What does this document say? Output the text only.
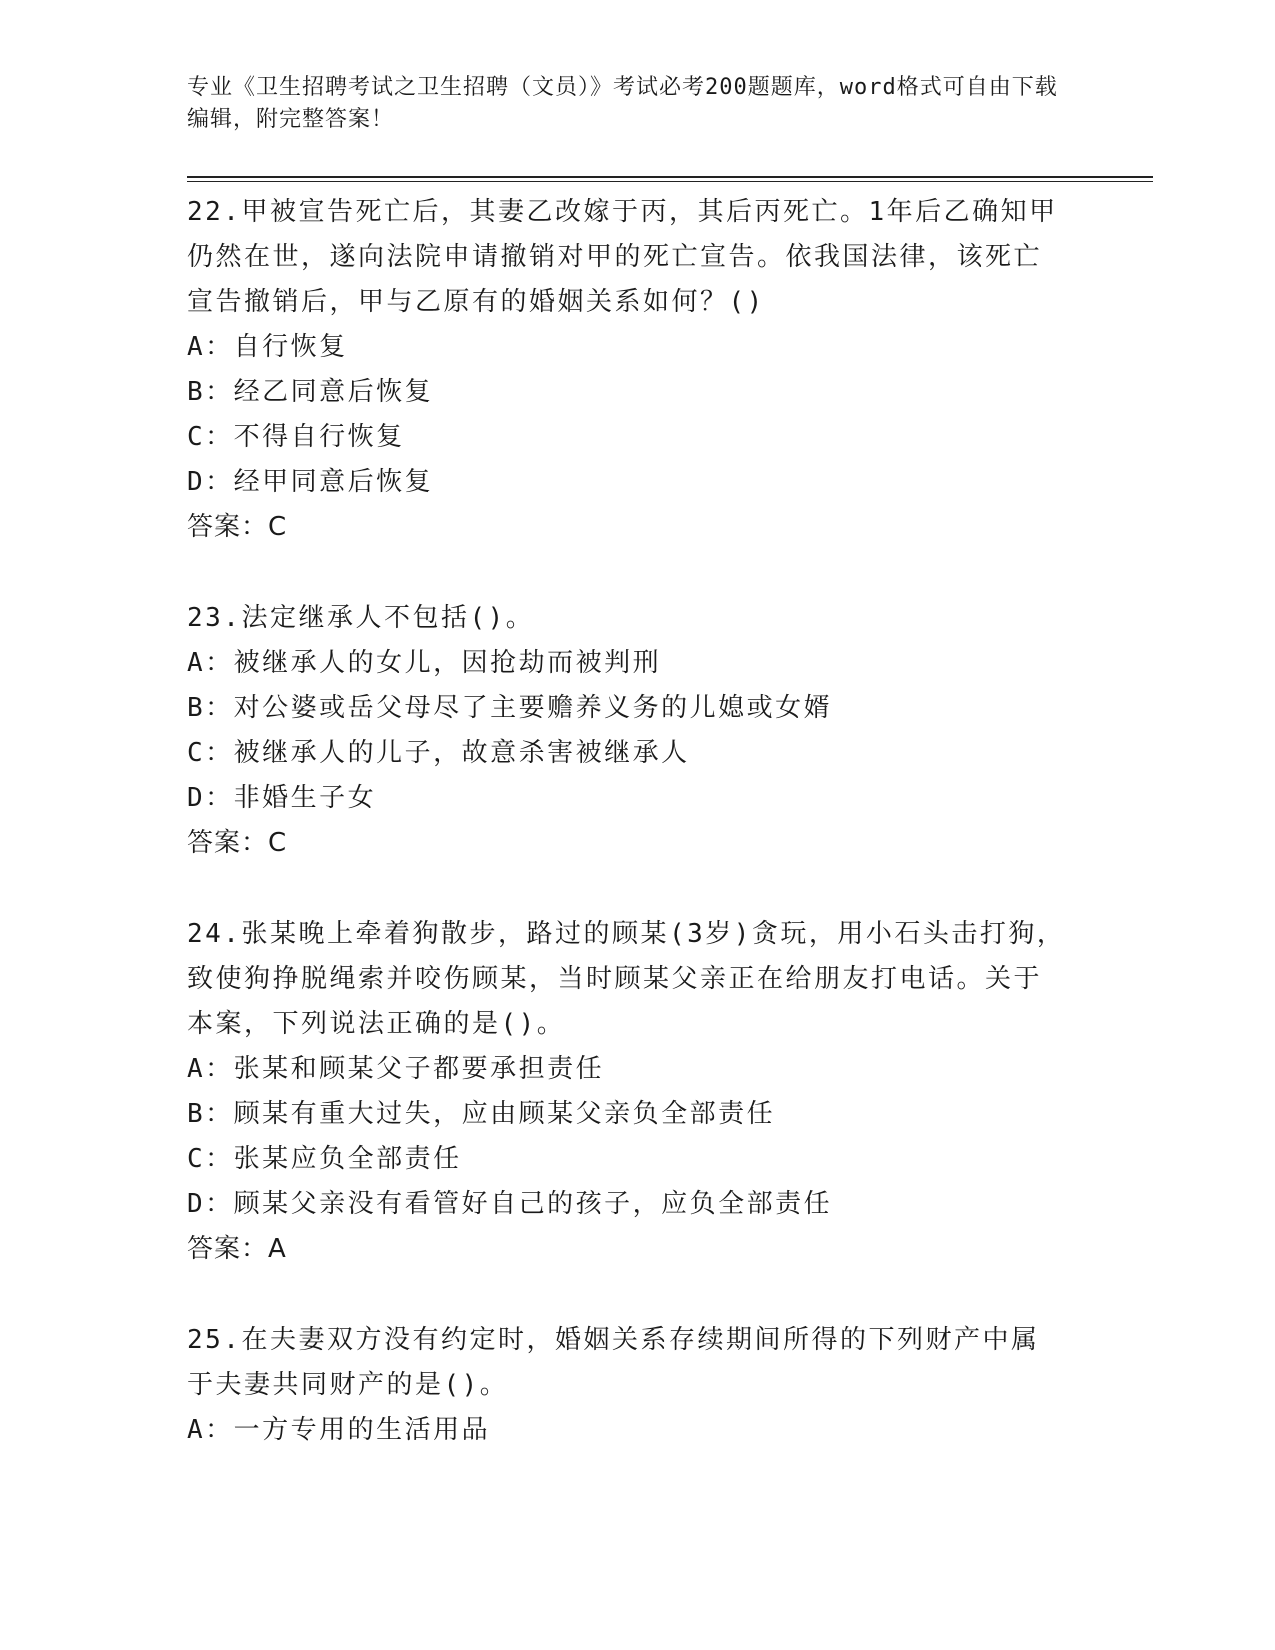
专业《卫生招聘考试之卫生招聘（文员）》考试必考200题题库，word格式可自由下载编辑，附完整答案！

22.甲被宣告死亡后，其妻乙改嫁于丙，其后丙死亡。1年后乙确知甲仍然在世，遂向法院申请撤销对甲的死亡宣告。依我国法律，该死亡宣告撤销后，甲与乙原有的婚姻关系如何？()

A：自行恢复

B：经乙同意后恢复

C：不得自行恢复

D：经甲同意后恢复

答案：C

23.法定继承人不包括()。

A：被继承人的女儿，因抢劫而被判刑

B：对公婆或岳父母尽了主要赡养义务的儿媳或女婿

C：被继承人的儿子，故意杀害被继承人

D：非婚生子女

答案：C

24.张某晚上牵着狗散步，路过的顾某(3岁)贪玩，用小石头击打狗，致使狗挣脱绳索并咬伤顾某，当时顾某父亲正在给朋友打电话。关于本案，下列说法正确的是()。

A：张某和顾某父子都要承担责任

B：顾某有重大过失，应由顾某父亲负全部责任

C：张某应负全部责任

D：顾某父亲没有看管好自己的孩子，应负全部责任

答案：A

25.在夫妻双方没有约定时，婚姻关系存续期间所得的下列财产中属于夫妻共同财产的是()。

A：一方专用的生活用品
